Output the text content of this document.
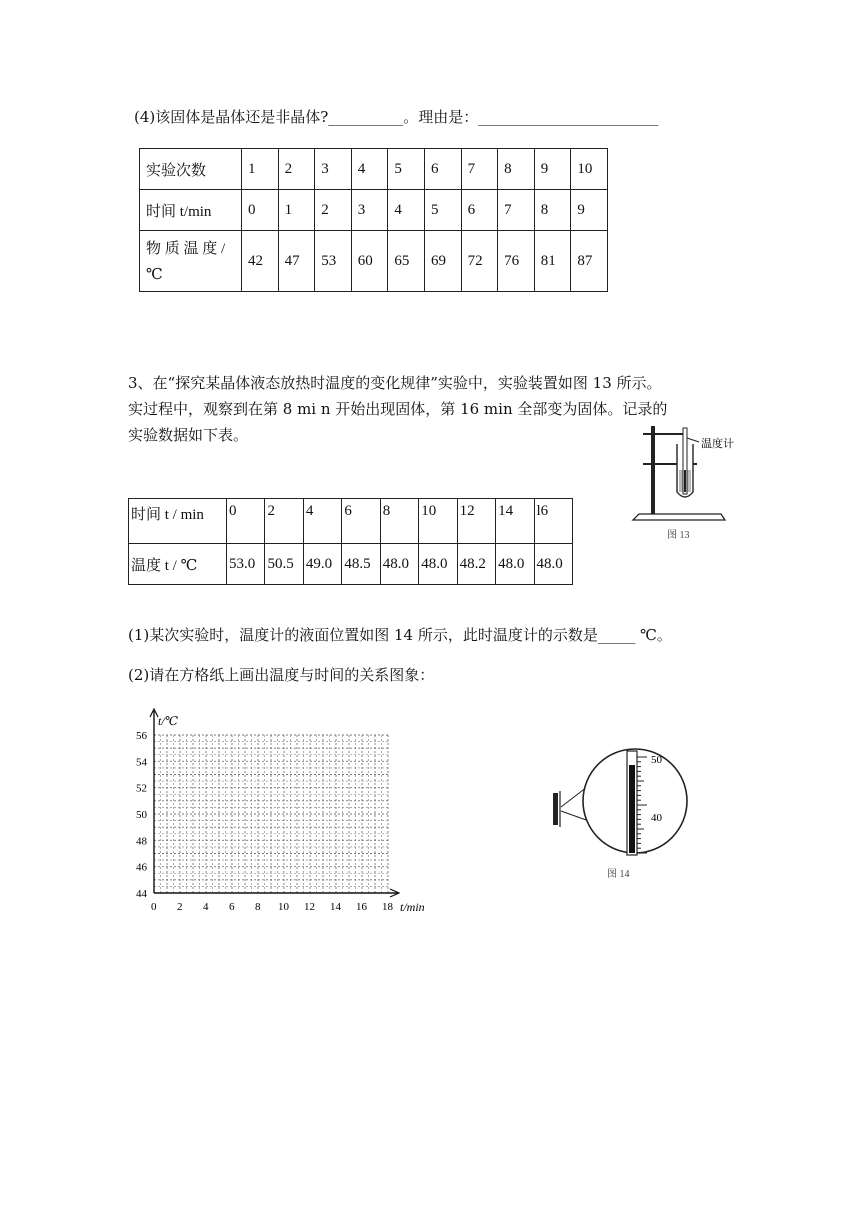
(4)该固体是晶体还是非晶体?__________。理由是：________________________
实验次数	1	2	3	4	5	6	7	8	9	10
时间 t/min	0	1	2	3	4	5	6	7	8	9
物 质 温 度 /℃	42	47	53	60	65	69	72	76	81	87
3、在“探究某晶体液态放热时温度的变化规律”实验中，实验装置如图 13 所示。
实过程中，观察到在第 8 mi n 开始出现固体，第 16 min 全部变为固体。记录的
实验数据如下表。	温度计
图 13
时间 t / min	0	2	4	6	8	10	12	14	l6
温度 t / ℃	53.0	50.5	49.0	48.5	48.0	48.0	48.2	48.0	48.0
(1)某次实验时，温度计的液面位置如图 14 所示，此时温度计的示数是_____ ℃。
(2)请在方格纸上画出温度与时间的关系图象：
56
54
52
50
48
46
44
0 2 4 6 8 10 12 14 16 18
t/℃
t/min
50
40
图 14
